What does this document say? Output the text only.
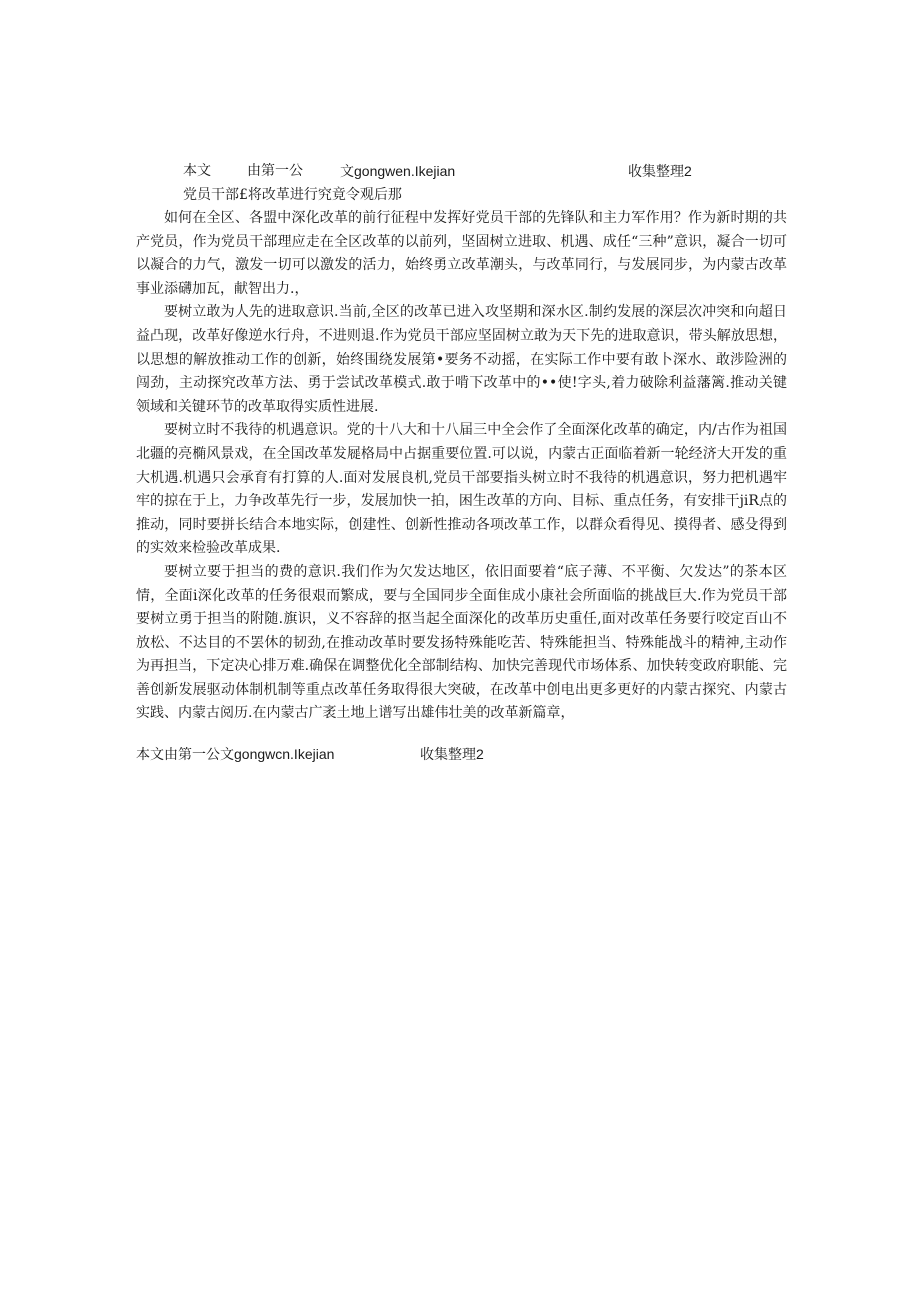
本文	由第一公	文gongwen.Ikejian	收集整理2
党员干部£将改革进行究竟令观后那

如何在全区、各盟中深化改革的前行征程中发挥好党员干部的先锋队和主力军作用？作为新时期的共产党员，作为党员干部理应走在全区改革的以前列，坚固树立进取、机遇、成任“三种”意识，凝合一切可以凝合的力气，激发一切可以激发的活力，始终勇立改革潮头，与改革同行，与发展同步，为内蒙古改革事业添礴加瓦，献智出力.，

要树立敢为人先的进取意识.当前,全区的改革已进入攻坚期和深水区.制约发展的深层次冲突和向超日益凸现，改革好像逆水行舟，不进则退.作为党员干部应坚固树立敢为天下先的进取意识，带头解放思想，以思想的解放推动工作的创新，始终围绕发展第•要务不动摇，在实际工作中要有敢卜深水、敢涉险洲的闯劲，主动探究改革方法、勇于尝试改革模式.敢于啃下改革中的••使!字头,着力破除利益藩篱.推动关键领域和关键环节的改革取得实质性进展.

要树立时不我待的机遇意识。党的十八大和十八届三中全会作了全面深化改革的确定，内/古作为祖国北疆的亮椭风景戏，在全国改革发屣格局中占据重要位置.可以说，内蒙古正面临着新一轮经济大开发的重大机遇.机遇只会承育有打算的人.面对发展良机,党员干部要指头树立时不我待的机遇意识，努力把机遇牢牢的掠在于上，力争改革先行一步，发展加快一拍，困生改革的方向、目标、重点任务，有安排干jiR点的推动，同时要拼长结合本地实际，创建性、创新性推动各项改革工作，以群众看得见、摸得者、感殳得到的实效来检验改革成果.

要树立要于担当的费的意识.我们作为欠发达地区，依旧面要着“底子薄、不平衡、欠发达”的茶本区情，全面i深化改革的任务很艰而繁成，要与全国同步全面隹成小康社会所面临的挑战巨大.作为党员干部要树立勇于担当的附随.旗识，义不容辞的抠当起全面深化的改革历史重任,面对改革任务要行咬定百山不放松、不达目的不罢休的韧劲,在推动改革时要发扬特殊能吃苦、特殊能担当、特殊能战斗的精神,主动作为再担当，下定决心排万难.确保在调整优化全部制结构、加快完善现代市场体系、加快转变政府职能、完善创新发展驱动体制机制等重点改革任务取得很大突破，在改革中创电出更多更好的内蒙古探究、内蒙古实践、内蒙古阅历.在内蒙古广袤土地上谱写出雄伟壮美的改革新篇章，

本文由第一公文gongwcn.Ikejian	收集整理2
